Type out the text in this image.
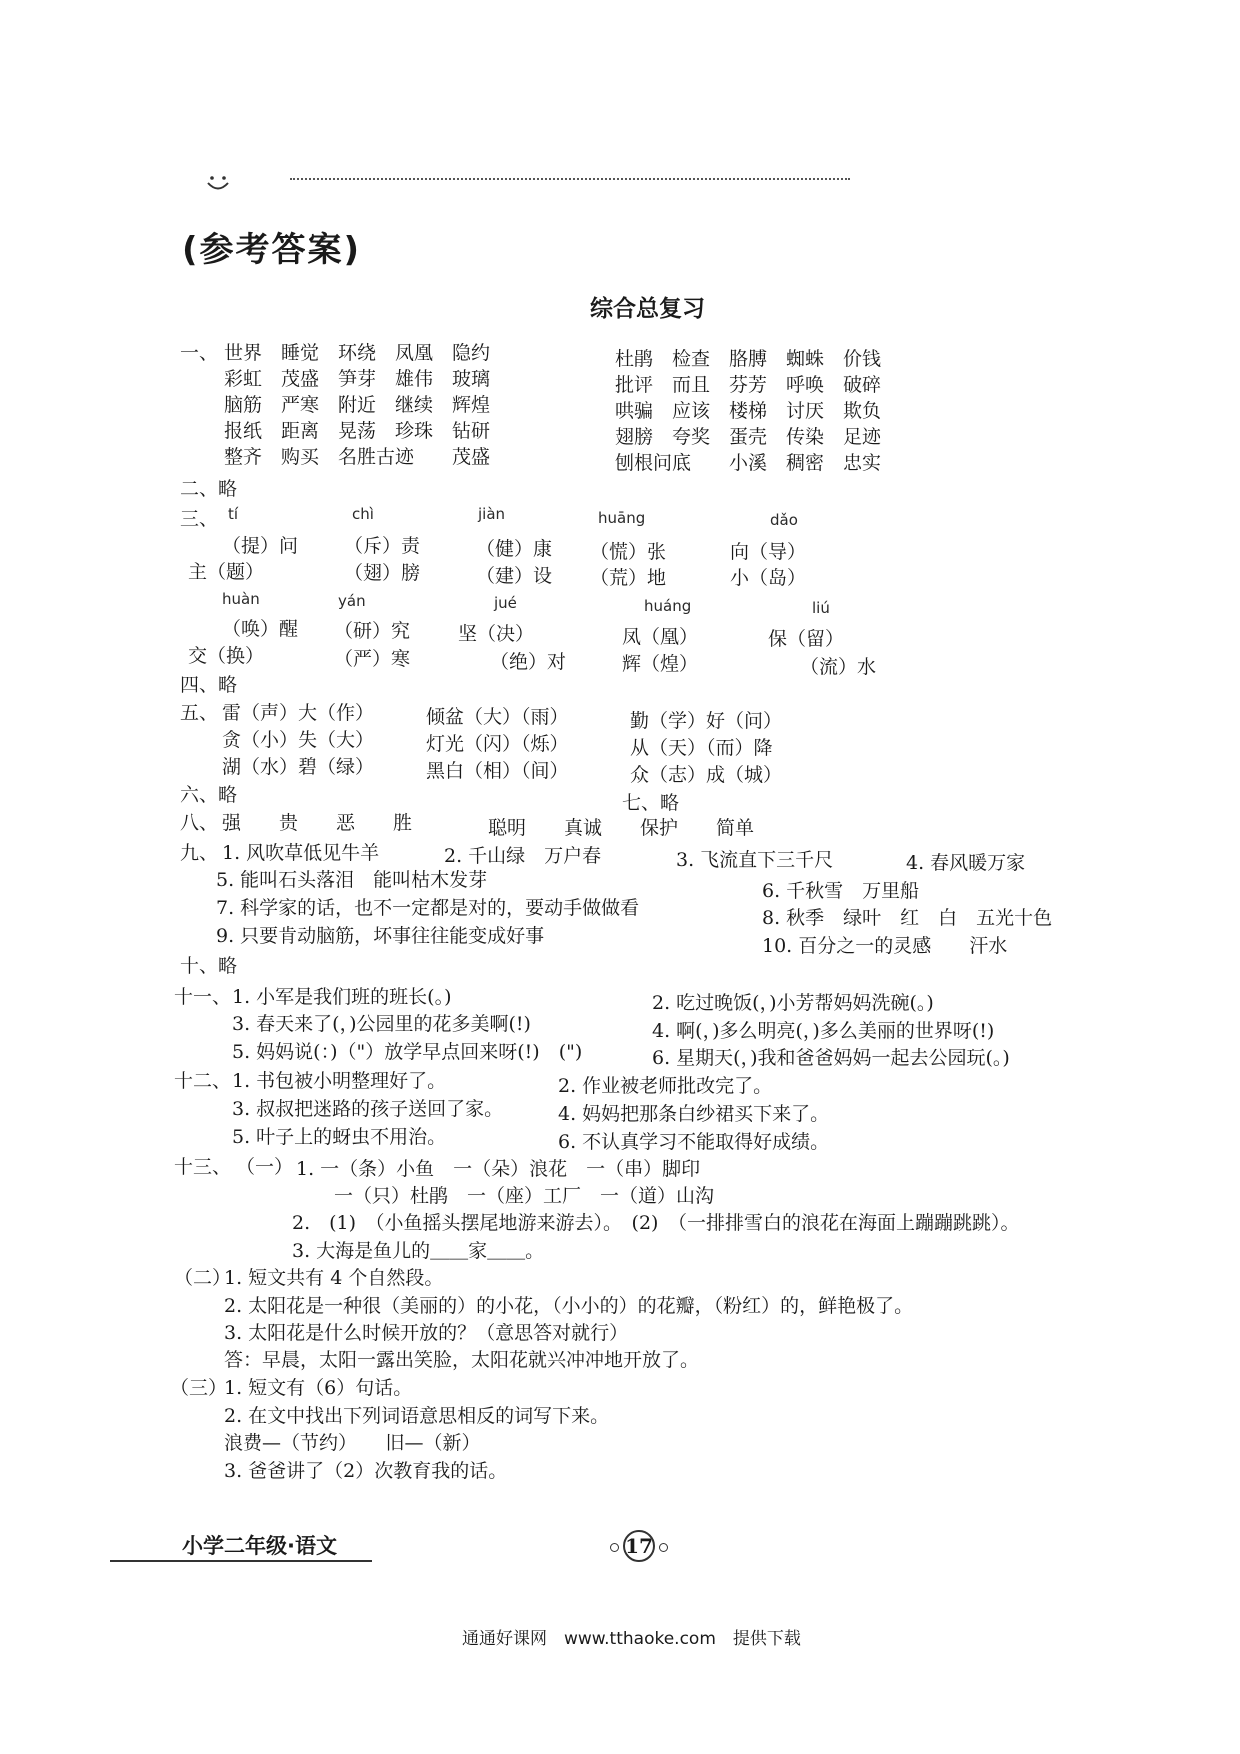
(参考答案)
综合总复习
一、 世界　睡觉　环绕　凤凰　隐约
彩虹　茂盛　笋芽　雄伟　玻璃
脑筋　严寒　附近　继续　辉煌
报纸　距离　晃荡　珍珠　钻研
整齐　购买　名胜古迹　　茂盛
杜鹃　检查　胳膊　蜘蛛　价钱
批评　而且　芬芳　呼唤　破碎
哄骗　应该　楼梯　讨厌　欺负
翅膀　夸奖　蛋壳　传染　足迹
刨根问底　　小溪　稠密　忠实
二、略
三、 tí	chì	jiàn	huāng	dǎo
（提）问 （斥）责	（健）康 （慌）张	向（导）
主（题）	（翅）膀	（建）设 （荒）地	小（岛）
huàn	yán	jué	huáng	liú
（唤）醒 （研）究	坚（决）	凤（凰）	保（留）
交（换）	（严）寒	（绝）对	辉（煌）	（流）水
四、略
五、 雷（声）大（作）	倾盆（大）（雨）	勤（学）好（问）
贪（小）失（大）	灯光（闪）（烁）	从（天）（而）降
湖（水）碧（绿）	黑白（相）（间）	众（志）成（城）
六、略	七、略
八、 强　　贵　　恶　　胜	聪明　　真诚　　保护　　简单
九、 1. 风吹草低见牛羊	2. 千山绿　万户春	3. 飞流直下三千尺	4. 春风暖万家
5. 能叫石头落泪　能叫枯木发芽	6. 千秋雪　万里船
7. 科学家的话，也不一定都是对的，要动手做做看	8. 秋季　绿叶　红　白　五光十色
9. 只要肯动脑筋，坏事往往能变成好事	10. 百分之一的灵感　　汗水
十、略
十一、 1. 小军是我们班的班长(。)	2. 吃过晚饭(，)小芳帮妈妈洗碗(。)
3. 春天来了(，)公园里的花多美啊(!)	4. 啊(，)多么明亮(，)多么美丽的世界呀(!)
5. 妈妈说(：)（"）放学早点回来呀(!)　(")	6. 星期天(，)我和爸爸妈妈一起去公园玩(。)
十二、 1. 书包被小明整理好了。	2. 作业被老师批改完了。
3. 叔叔把迷路的孩子送回了家。	4. 妈妈把那条白纱裙买下来了。
5. 叶子上的蚜虫不用治。	6. 不认真学习不能取得好成绩。
十三、 （一） 1. 一（条）小鱼　一（朵）浪花　一（串）脚印
一（只）杜鹃　一（座）工厂　一（道）山沟
2.　(1)　（小鱼摇头摆尾地游来游去）。　(2)　（一排排雪白的浪花在海面上蹦蹦跳跳）。
3. 大海是鱼儿的＿＿家＿＿。
（二）
1. 短文共有 4 个自然段。
2. 太阳花是一种很（美丽的）的小花，（小小的）的花瓣，（粉红）的，鲜艳极了。
3. 太阳花是什么时候开放的？（意思答对就行）
答：早晨，太阳一露出笑脸，太阳花就兴冲冲地开放了。
（三）
1. 短文有（6）句话。
2. 在文中找出下列词语意思相反的词写下来。
浪费—（节约）　　旧—（新）
3. 爸爸讲了（2）次教育我的话。
小学二年级·语文	17
通通好课网　www.tthaoke.com　提供下载
